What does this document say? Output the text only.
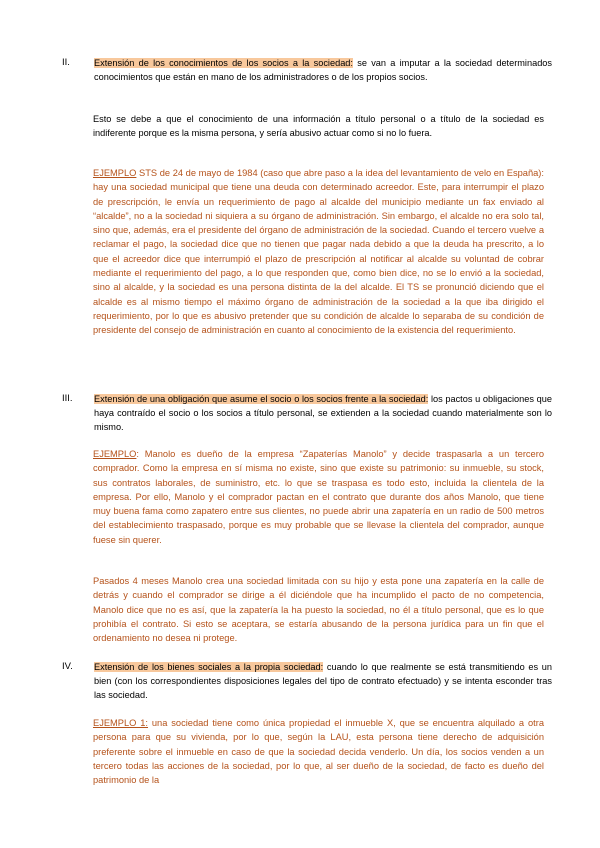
II.	Extensión de los conocimientos de los socios a la sociedad: se van a imputar a la sociedad determinados conocimientos que están en mano de los administradores o de los propios socios.

Esto se debe a que el conocimiento de una información a título personal o a título de la sociedad es indiferente porque es la misma persona, y sería abusivo actuar como si no lo fuera.

EJEMPLO STS de 24 de mayo de 1984 (caso que abre paso a la idea del levantamiento de velo en España): hay una sociedad municipal que tiene una deuda con determinado acreedor. Este, para interrumpir el plazo de prescripción, le envía un requerimiento de pago al alcalde del municipio mediante un fax enviado al “alcalde”, no a la sociedad ni siquiera a su órgano de administración. Sin embargo, el alcalde no era solo tal, sino que, además, era el presidente del órgano de administración de la sociedad. Cuando el tercero vuelve a reclamar el pago, la sociedad dice que no tienen que pagar nada debido a que la deuda ha prescrito, a lo que el acreedor dice que interrumpió el plazo de prescripción al notificar al alcalde su voluntad de cobrar mediante el requerimiento del pago, a lo que responden que, como bien dice, no se lo envió a la sociedad, sino al alcalde, y la sociedad es una persona distinta de la del alcalde. El TS se pronunció diciendo que el alcalde es al mismo tiempo el máximo órgano de administración de la sociedad a la que iba dirigido el requerimiento, por lo que es abusivo pretender que su condición de alcalde lo separaba de su condición de presidente del consejo de administración en cuanto al conocimiento de la existencia del requerimiento.

III.	Extensión de una obligación que asume el socio o los socios frente a la sociedad: los pactos u obligaciones que haya contraído el socio o los socios a título personal, se extienden a la sociedad cuando materialmente son lo mismo.

EJEMPLO: Manolo es dueño de la empresa “Zapaterías Manolo” y decide traspasarla a un tercero comprador. Como la empresa en sí misma no existe, sino que existe su patrimonio: su inmueble, su stock, sus contratos laborales, de suministro, etc. lo que se traspasa es todo esto, incluida la clientela de la empresa. Por ello, Manolo y el comprador pactan en el contrato que durante dos años Manolo, que tiene muy buena fama como zapatero entre sus clientes, no puede abrir una zapatería en un radio de 500 metros del establecimiento traspasado, porque es muy probable que se llevase la clientela del comprador, aunque fuese sin querer.

Pasados 4 meses Manolo crea una sociedad limitada con su hijo y esta pone una zapatería en la calle de detrás y cuando el comprador se dirige a él diciéndole que ha incumplido el pacto de no competencia, Manolo dice que no es así, que la zapatería la ha puesto la sociedad, no él a título personal, que es lo que prohibía el contrato. Si esto se aceptara, se estaría abusando de la persona jurídica para un fin que el ordenamiento no desea ni protege.

IV.	Extensión de los bienes sociales a la propia sociedad: cuando lo que realmente se está transmitiendo es un bien (con los correspondientes disposiciones legales del tipo de contrato efectuado) y se intenta esconder tras las sociedad.

EJEMPLO 1: una sociedad tiene como única propiedad el inmueble X, que se encuentra alquilado a otra persona para que su vivienda, por lo que, según la LAU, esta persona tiene derecho de adquisición preferente sobre el inmueble en caso de que la sociedad decida venderlo. Un día, los socios venden a un tercero todas las acciones de la sociedad, por lo que, al ser dueño de la sociedad, de facto es dueño del patrimonio de la
